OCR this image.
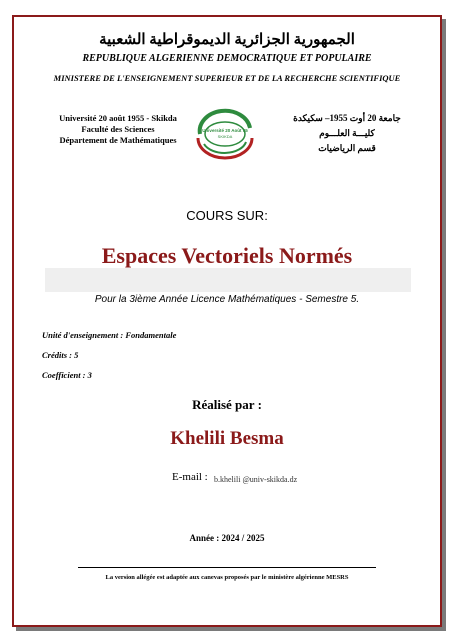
الجمهورية الجزائرية الديموقراطية الشعبية
REPUBLIQUE ALGERIENNE DEMOCRATIQUE ET POPULAIRE
MINISTERE DE L'ENSEIGNEMENT SUPERIEUR ET DE LA RECHERCHE SCIENTIFIQUE
Université 20 août 1955 - Skikda
Faculté des Sciences
Département de Mathématiques
Université 20 Août 55
SKIKDA
جامعة 20 أوت 1955– سكيكدة
كليـــة العلـــوم
قسم الرياضيات
COURS SUR:
Espaces Vectoriels Normés
Pour la 3ième Année Licence Mathématiques - Semestre 5.
Unité d'enseignement : Fondamentale
Crédits : 5
Coefficient : 3
Réalisé par :
Khelili Besma
E-mail : b.khelili @univ-skikda.dz
Année : 2024 / 2025
La version allégée est adaptée aux canevas proposés par le ministère algérienne MESRS
